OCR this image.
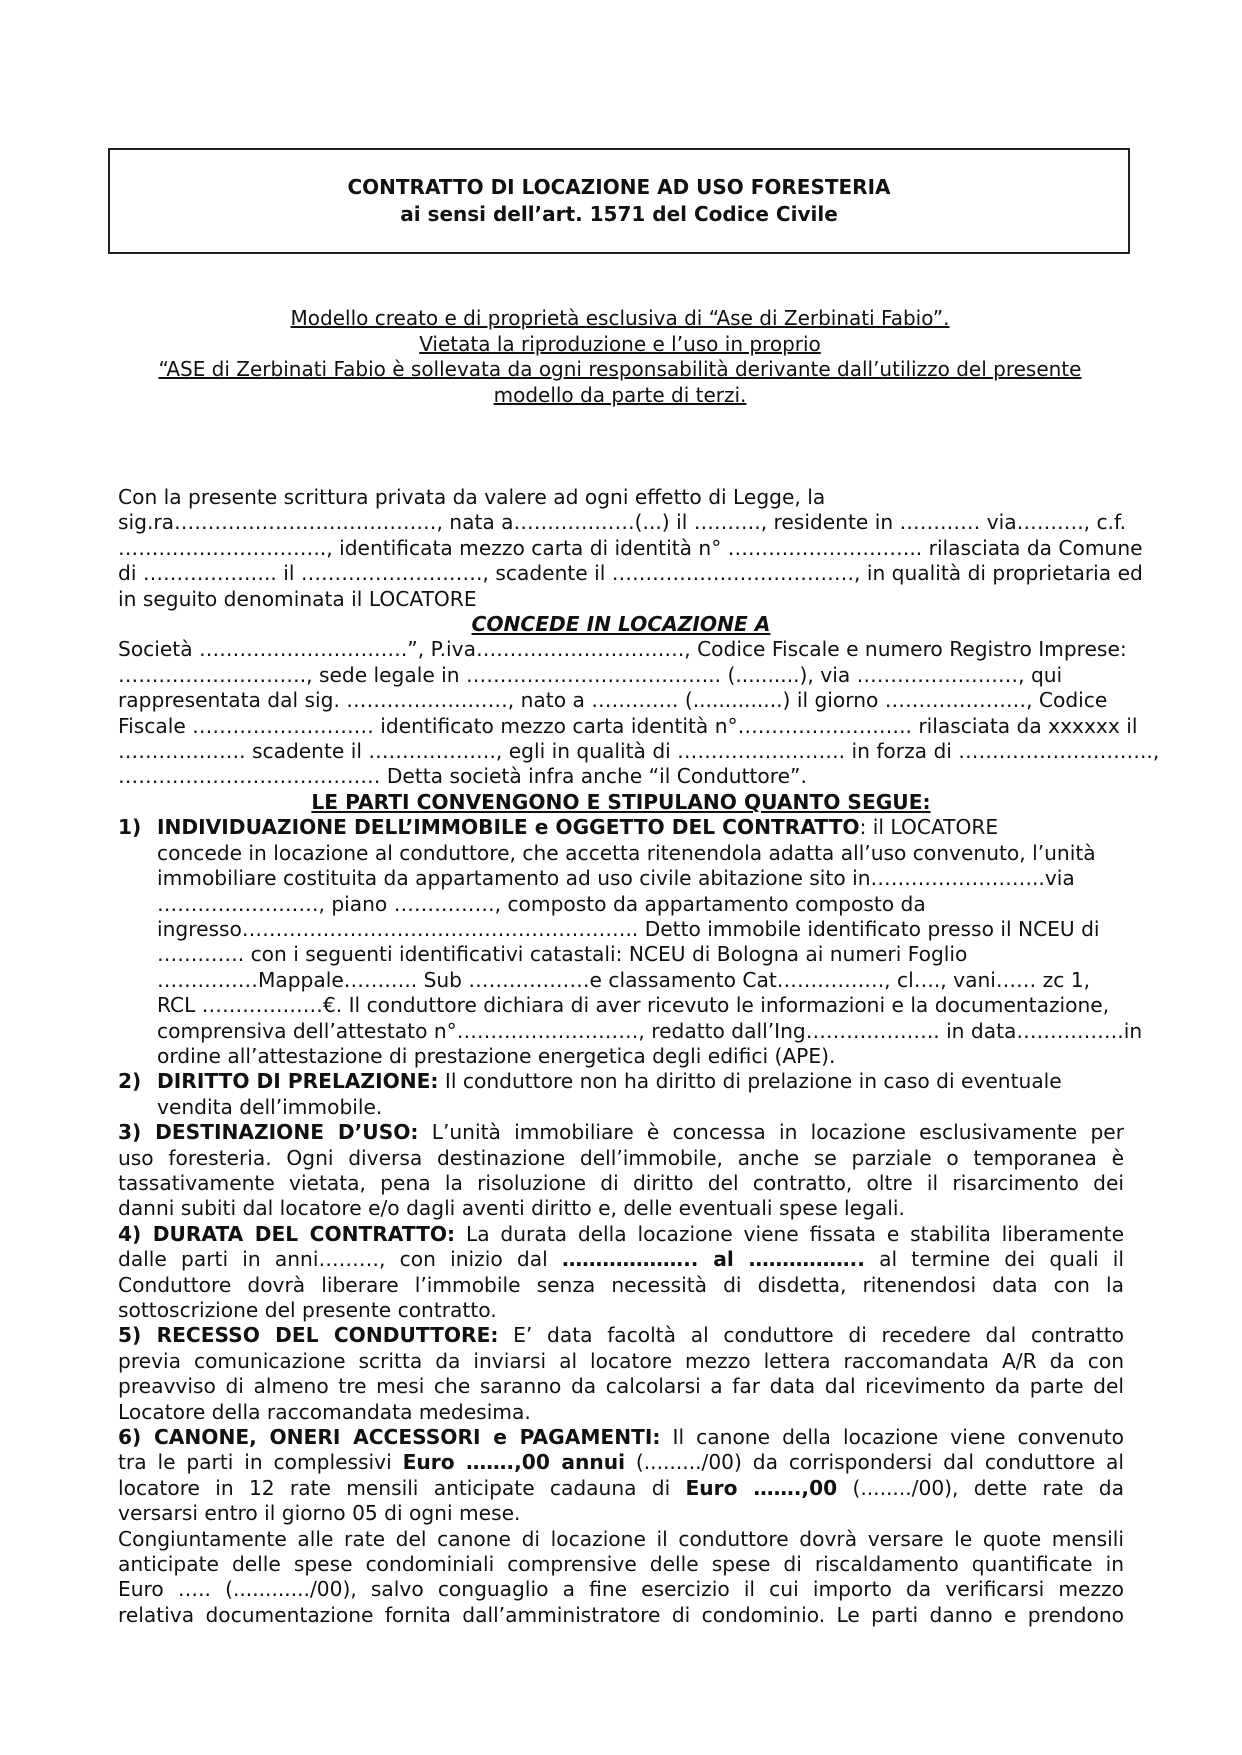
CONTRATTO DI LOCAZIONE AD USO FORESTERIA
ai sensi dell’art. 1571 del Codice Civile
Modello creato e di proprietà esclusiva di “Ase di Zerbinati Fabio”.
Vietata la riproduzione e l’uso in proprio
“ASE di Zerbinati Fabio è sollevata da ogni responsabilità derivante dall’utilizzo del presente
modello da parte di terzi.
Con la presente scrittura privata da valere ad ogni effetto di Legge, la
sig.ra…………………………………, nata a………………(...) il ………., residente in ………… via………., c.f.
…………………………., identificata mezzo carta di identità n° ……………………….. rilasciata da Comune
di ……………….. il ………………………, scadente il ………………………………, in qualità di proprietaria ed
in seguito denominata il LOCATORE
CONCEDE IN LOCAZIONE A
Società ………………………….”, P.iva…………………………., Codice Fiscale e numero Registro Imprese:
………………………., sede legale in ……………………………….. (..........), via ……………………, qui
rappresentata dal sig. ……………………, nato a …………. (..............) il giorno …………………, Codice
Fiscale ……………………… identificato mezzo carta identità n°…………………….. rilasciata da xxxxxx il
………………. scadente il ………………., egli in qualità di ……………………. in forza di ………………………..,
………………………………… Detta società infra anche “il Conduttore”.
LE PARTI CONVENGONO E STIPULANO QUANTO SEGUE:
1) INDIVIDUAZIONE DELL’IMMOBILE e OGGETTO DEL CONTRATTO: il LOCATORE
concede in locazione al conduttore, che accetta ritenendola adatta all’uso convenuto, l’unità
immobiliare costituita da appartamento ad uso civile abitazione sito in……………………..via
……………………, piano ……………, composto da appartamento composto da
ingresso………………………………………………….. Detto immobile identificato presso il NCEU di
…………. con i seguenti identificativi catastali: NCEU di Bologna ai numeri Foglio
……………Mappale……….. Sub ………………e classamento Cat……………., cl…., vani…… zc 1,
RCL ………………€. Il conduttore dichiara di aver ricevuto le informazioni e la documentazione,
comprensiva dell’attestato n°………………………, redatto dall’Ing……………….. in data…………….in
ordine all’attestazione di prestazione energetica degli edifici (APE).
2) DIRITTO DI PRELAZIONE: Il conduttore non ha diritto di prelazione in caso di eventuale
vendita dell’immobile.
3) DESTINAZIONE D’USO: L’unità immobiliare è concessa in locazione esclusivamente per
uso foresteria. Ogni diversa destinazione dell’immobile, anche se parziale o temporanea è
tassativamente vietata, pena la risoluzione di diritto del contratto, oltre il risarcimento dei
danni subiti dal locatore e/o dagli aventi diritto e, delle eventuali spese legali.
4) DURATA DEL CONTRATTO: La durata della locazione viene fissata e stabilita liberamente
dalle parti in anni………, con inizio dal ……………….. al …………….. al termine dei quali il
Conduttore dovrà liberare l’immobile senza necessità di disdetta, ritenendosi data con la
sottoscrizione del presente contratto.
5) RECESSO DEL CONDUTTORE: E’ data facoltà al conduttore di recedere dal contratto
previa comunicazione scritta da inviarsi al locatore mezzo lettera raccomandata A/R da con
preavviso di almeno tre mesi che saranno da calcolarsi a far data dal ricevimento da parte del
Locatore della raccomandata medesima.
6) CANONE, ONERI ACCESSORI e PAGAMENTI: Il canone della locazione viene convenuto
tra le parti in complessivi Euro …….,00 annui (........./00) da corrispondersi dal conduttore al
locatore in 12 rate mensili anticipate cadauna di Euro …….,00 (......../00), dette rate da
versarsi entro il giorno 05 di ogni mese.
Congiuntamente alle rate del canone di locazione il conduttore dovrà versare le quote mensili
anticipate delle spese condominiali comprensive delle spese di riscaldamento quantificate in
Euro ….. (............/00), salvo conguaglio a fine esercizio il cui importo da verificarsi mezzo
relativa documentazione fornita dall’amministratore di condominio. Le parti danno e prendono
